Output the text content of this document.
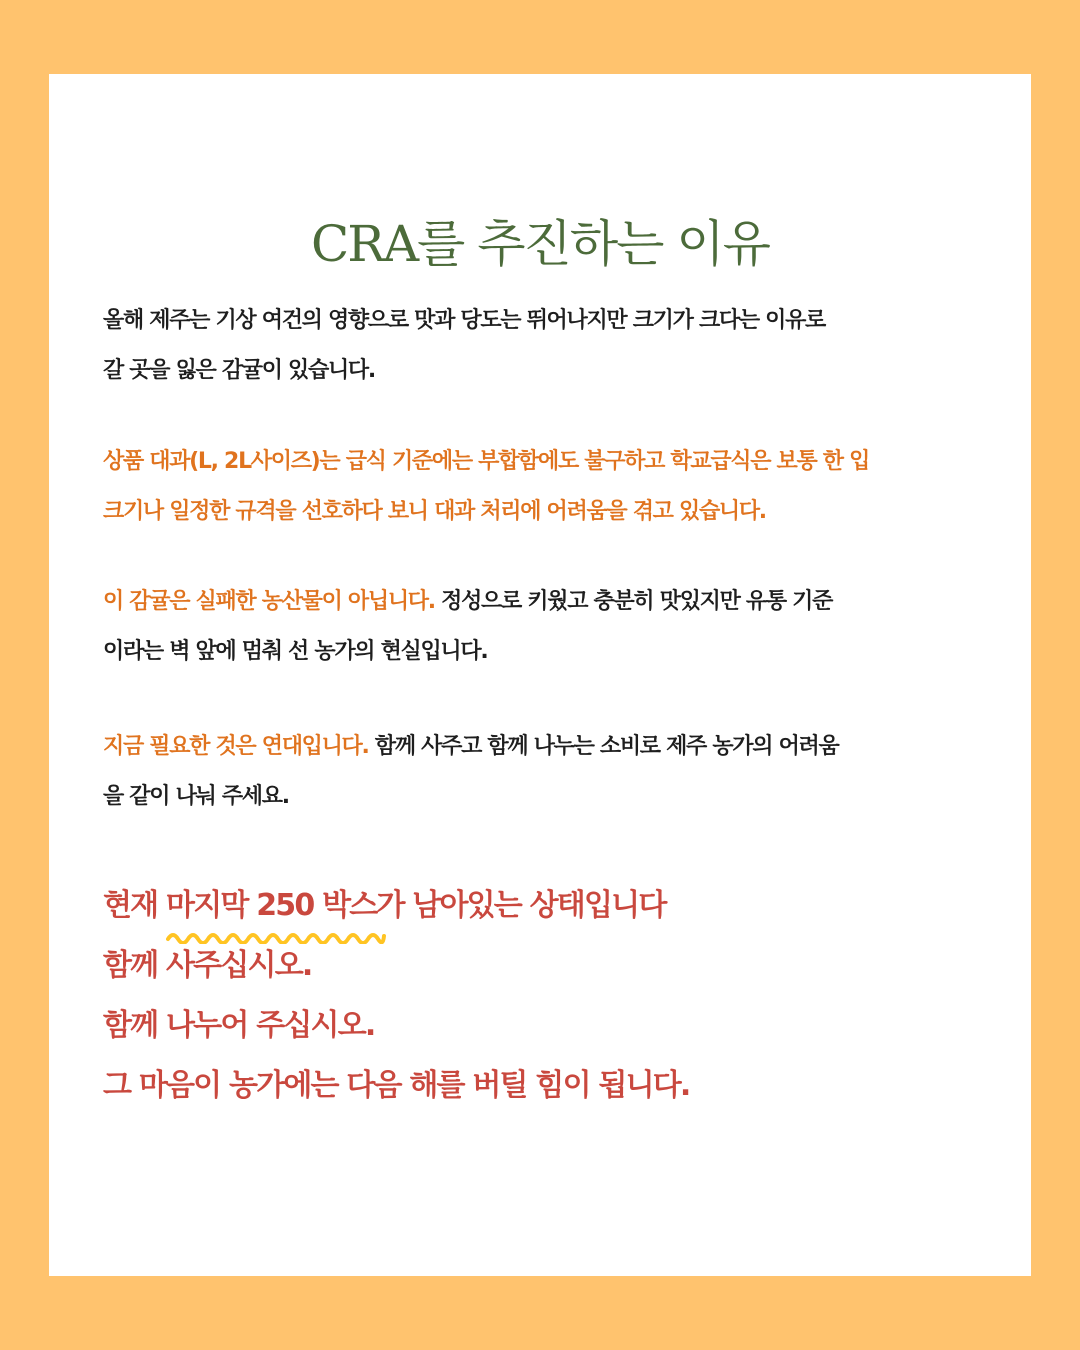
CRA를 추진하는 이유

올해 제주는 기상 여건의 영향으로 맛과 당도는 뛰어나지만 크기가 크다는 이유로
갈 곳을 잃은 감귤이 있습니다.

상품 대과(L, 2L사이즈)는 급식 기준에는 부합함에도 불구하고 학교급식은 보통 한 입
크기나 일정한 규격을 선호하다 보니 대과 처리에 어려움을 겪고 있습니다.

이 감귤은 실패한 농산물이 아닙니다. 정성으로 키웠고 충분히 맛있지만 유통 기준
이라는 벽 앞에 멈춰 선 농가의 현실입니다.

지금 필요한 것은 연대입니다. 함께 사주고 함께 나누는 소비로 제주 농가의 어려움
을 같이 나눠 주세요.

현재 마지막 250 박스
가 남아있는 상태입니다
함께 사주십시오.
함께 나누어 주십시오.
그 마음이 농가에는 다음 해를 버틸 힘이 됩니다.
